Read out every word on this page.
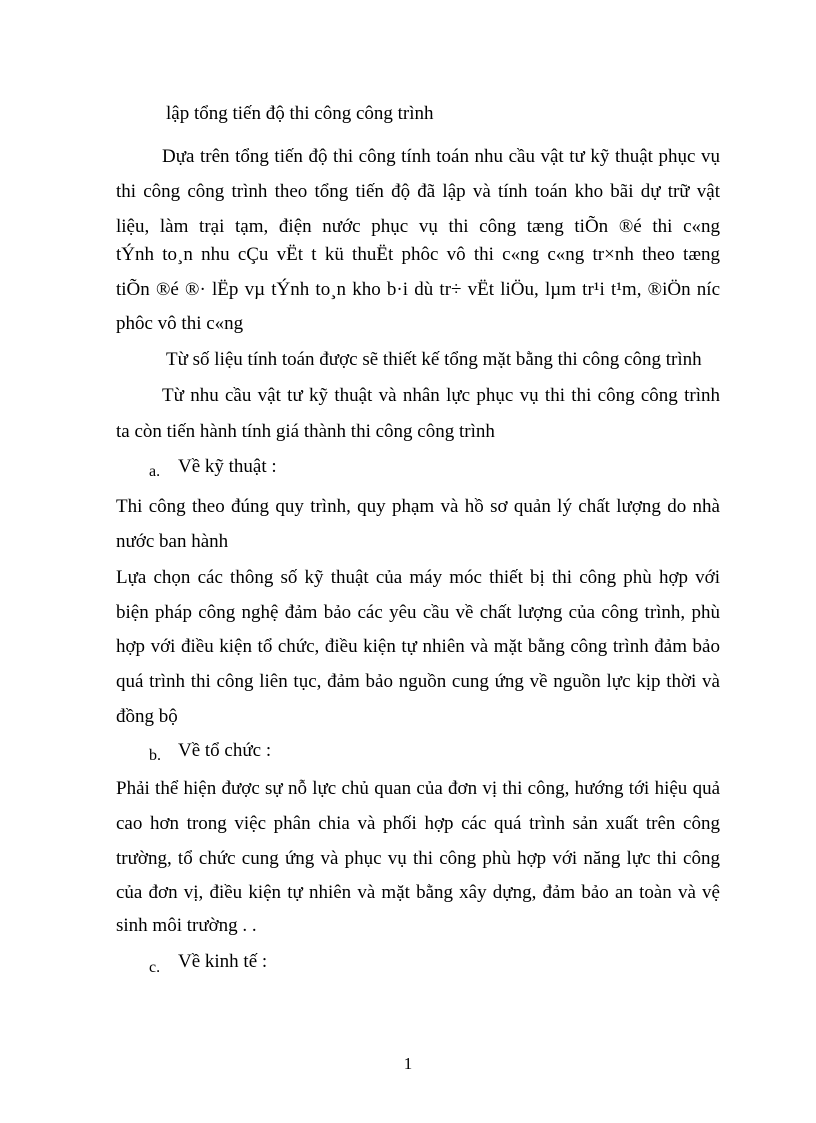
lập tổng tiến độ thi công công trình
Dựa trên tổng tiến độ thi công tính toán nhu cầu vật tư kỹ thuật phục vụ
thi công công trình theo tổng tiến độ đã lập và tính toán kho bãi dự trữ vật
liệu, làm trại tạm, điện nước phục vụ thi công tæng tiÕn ®é thi c«ng
tÝnh to¸n nhu cÇu vËt t kü thuËt phôc vô thi c«ng c«ng tr×nh theo tæng
tiÕn ®é ®· lËp vµ tÝnh to¸n kho b·i dù tr÷ vËt liÖu, lµm tr¹i t¹m, ®iÖn níc
phôc vô thi c«ng
Từ số liệu tính toán được sẽ thiết kế tổng mặt bằng thi công công trình
Từ nhu cầu vật tư kỹ thuật và nhân lực phục vụ thi thi công công trình
ta còn tiến hành tính giá thành thi công công trình
a. Về kỹ thuật :
Thi công theo đúng quy trình, quy phạm và hồ sơ quản lý chất lượng do nhà
nước ban hành
Lựa chọn các thông số kỹ thuật của máy móc thiết bị thi công phù hợp với
biện pháp công nghệ đảm bảo các yêu cầu về chất lượng của công trình, phù
hợp với điều kiện tổ chức, điều kiện tự nhiên và mặt bằng công trình đảm bảo
quá trình thi công liên tục, đảm bảo nguồn cung ứng về nguồn lực kịp thời và
đồng bộ
b. Về tổ chức :
Phải thể hiện được sự nỗ lực chủ quan của đơn vị thi công, hướng tới hiệu quả
cao hơn trong việc phân chia và phối hợp các quá trình sản xuất trên công
trường, tổ chức cung ứng và phục vụ thi công phù hợp với năng lực thi công
của đơn vị, điều kiện tự nhiên và mặt bằng xây dựng, đảm bảo an toàn và vệ
sinh môi trường . .
c. Về kinh tế :
1
